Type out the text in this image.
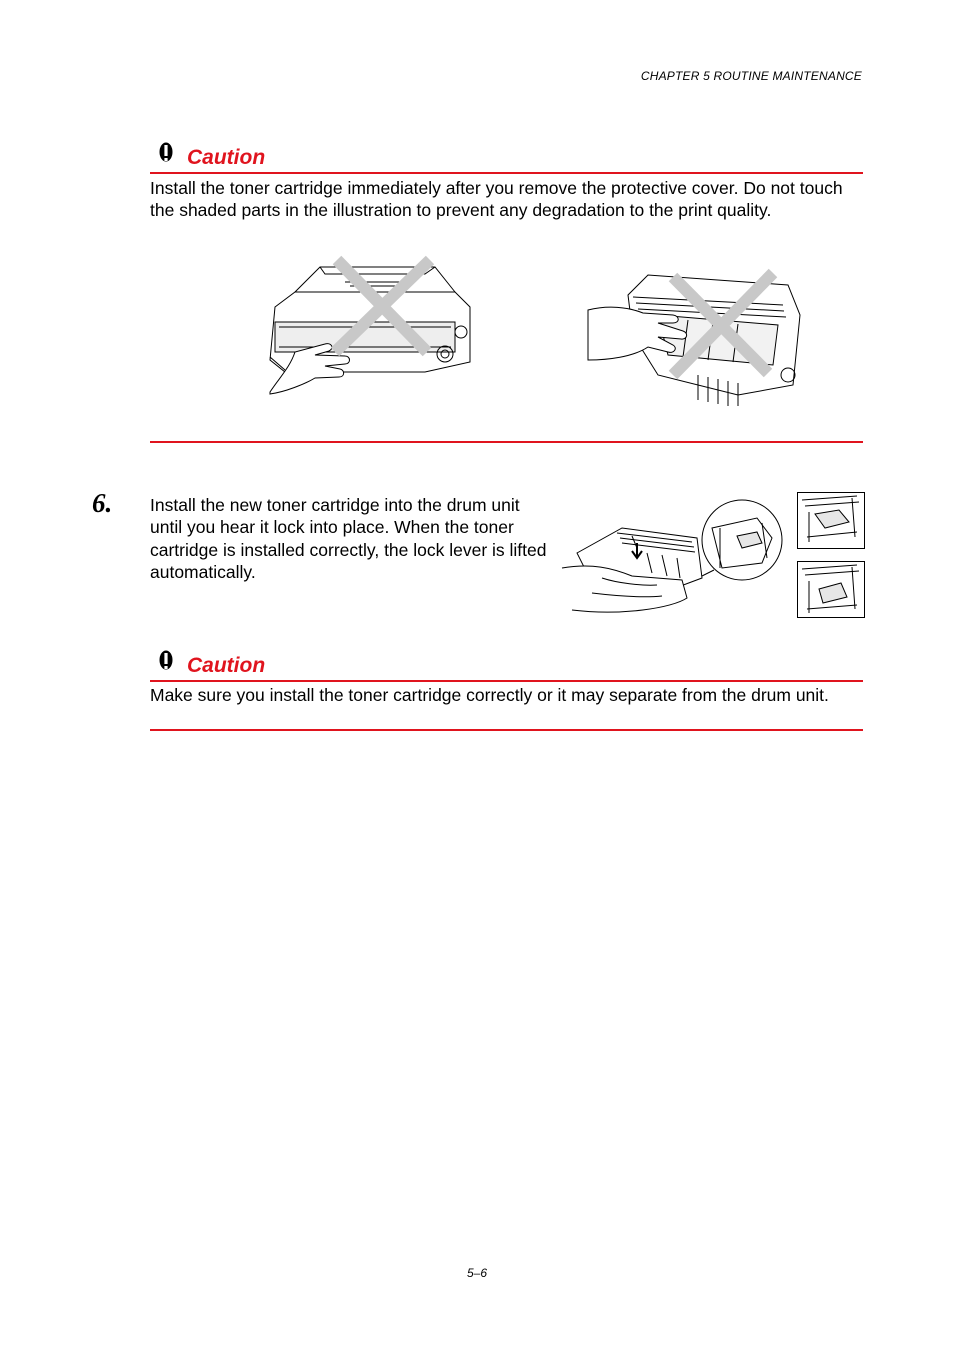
CHAPTER 5 ROUTINE MAINTENANCE
Caution
Install the toner cartridge immediately after you remove the protective cover. Do not touch the shaded parts in the illustration to prevent any degradation to the print quality.
6. Install the new toner cartridge into the drum unit until you hear it lock into place. When the toner cartridge is installed correctly, the lock lever is lifted automatically.
Caution
Make sure you install the toner cartridge correctly or it may separate from the drum unit.
5–6
